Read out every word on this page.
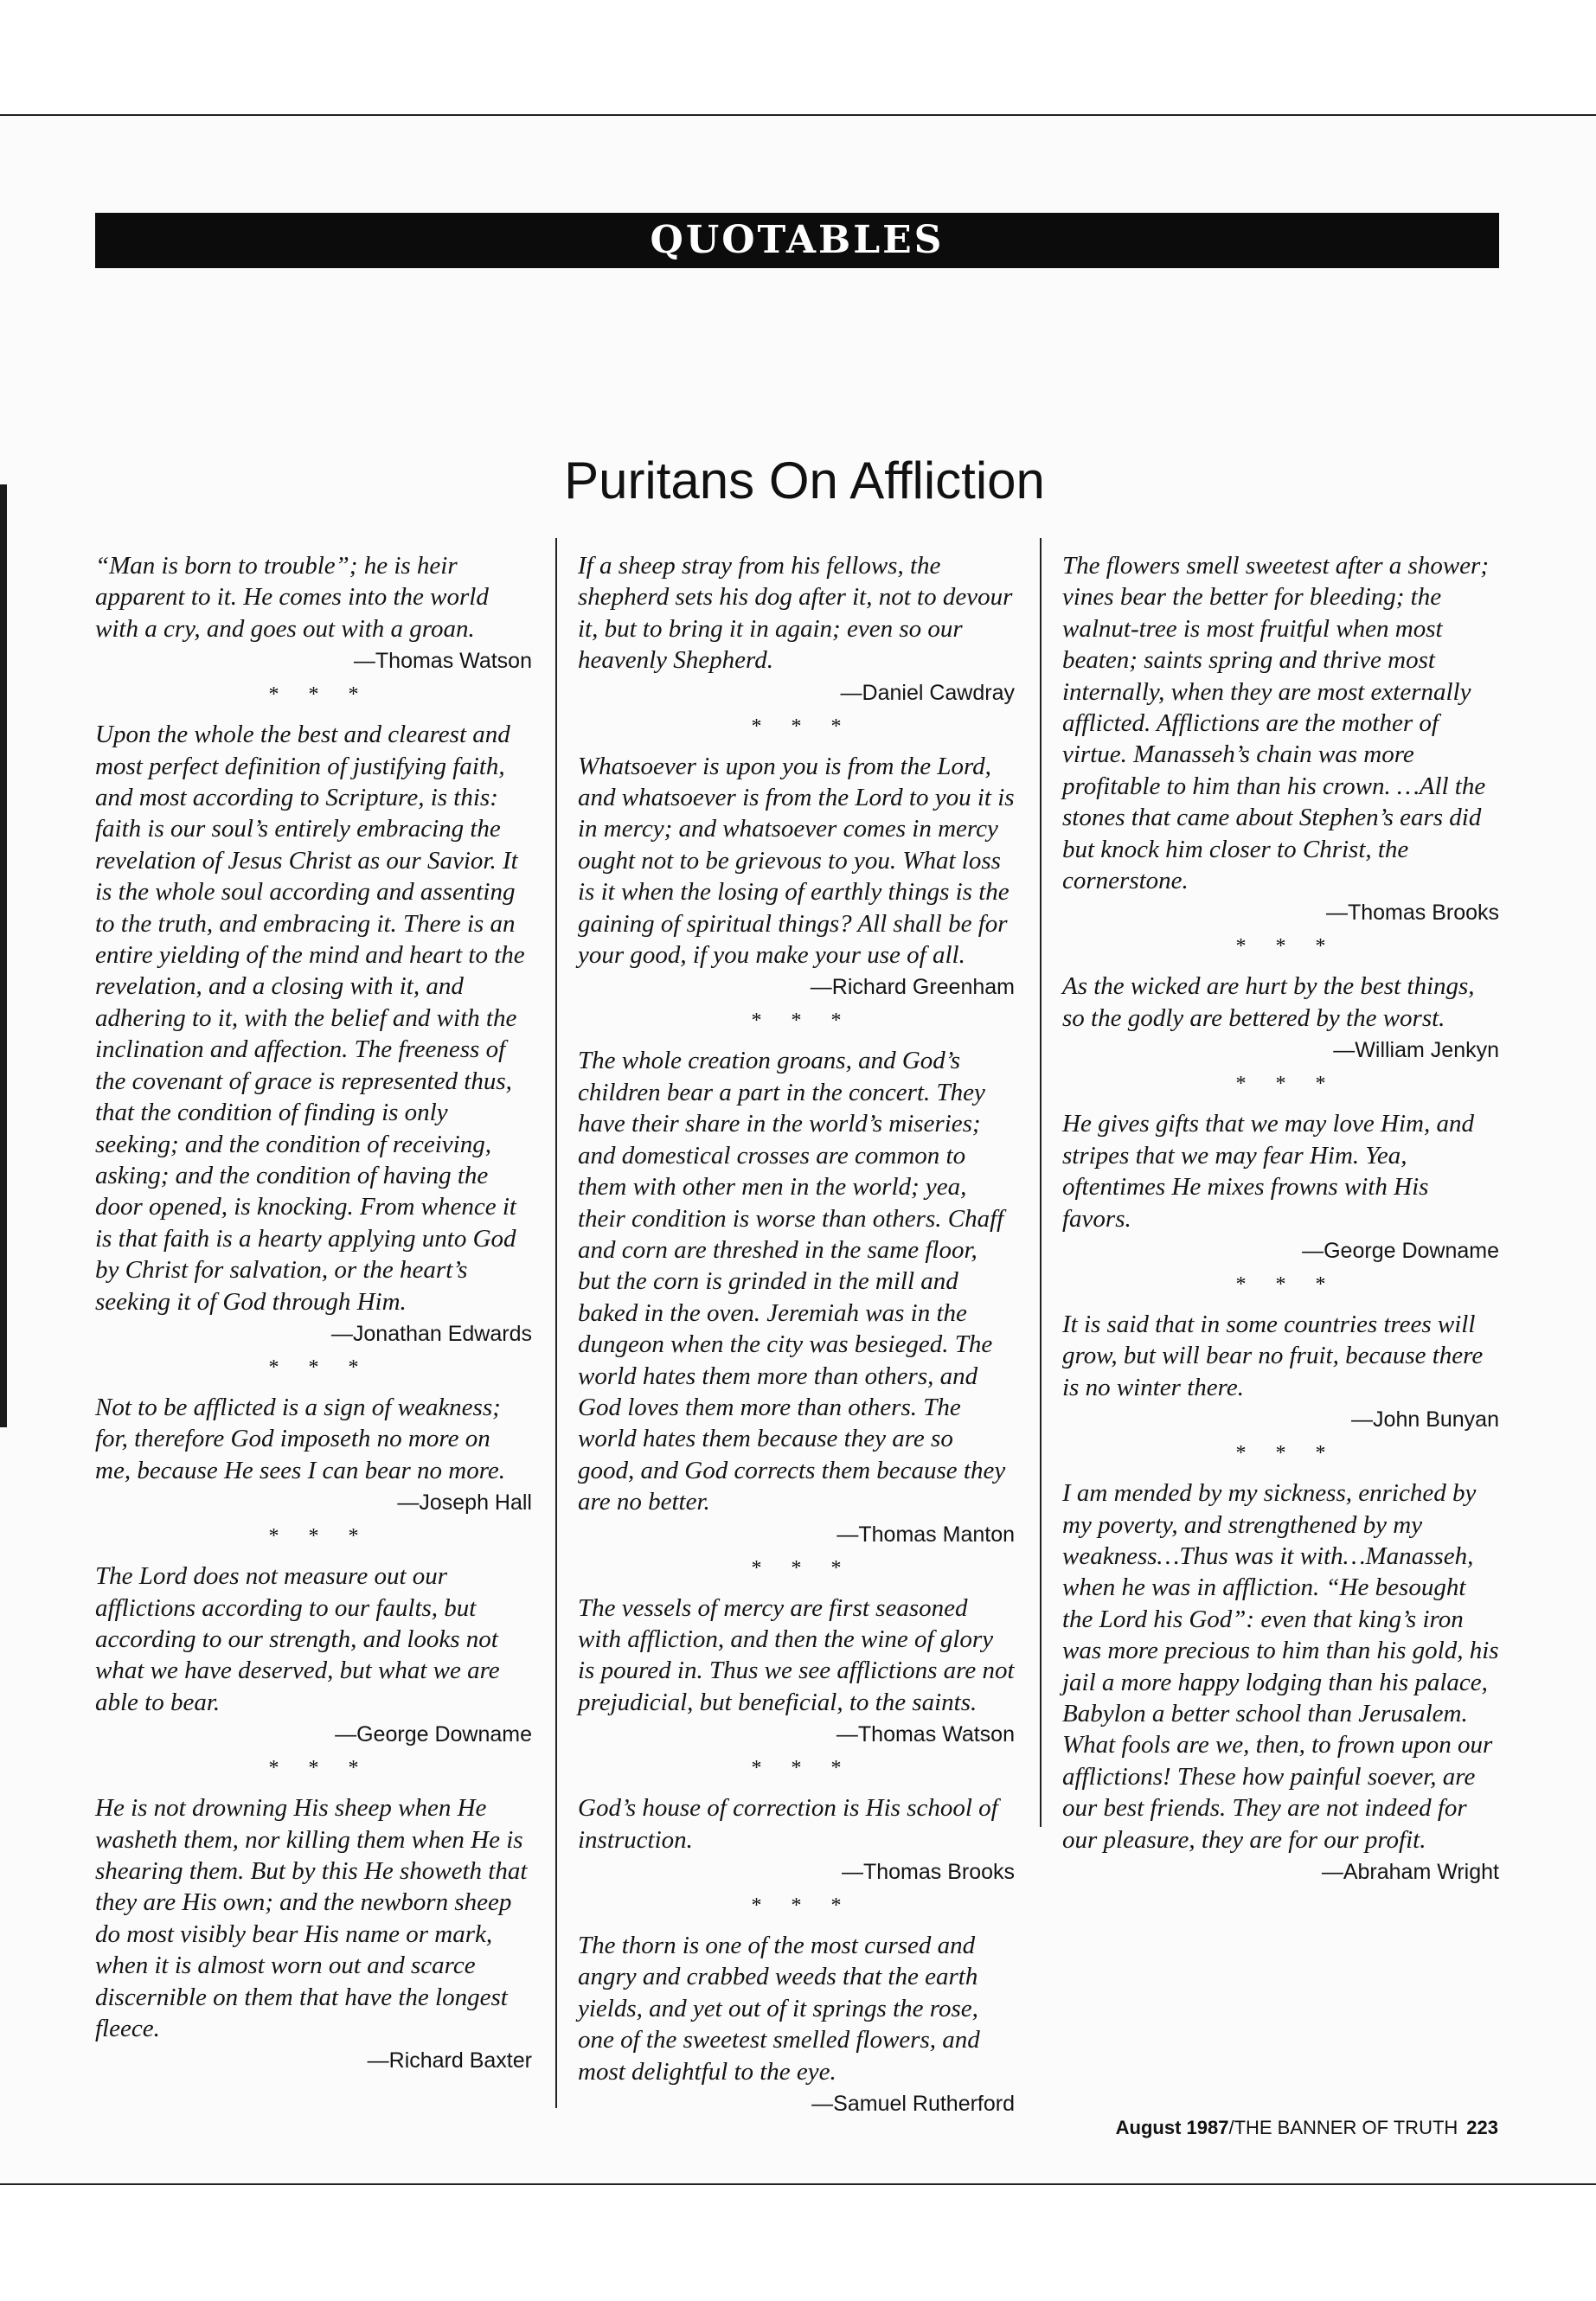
QUOTABLES
Puritans On Affliction

“Man is born to trouble”; he is heir apparent to it. He comes into the world with a cry, and goes out with a groan.

—Thomas Watson

* * *

Upon the whole the best and clearest and most perfect definition of justifying faith, and most according to Scripture, is this: faith is our soul’s entirely embracing the revelation of Jesus Christ as our Savior. It is the whole soul according and assenting to the truth, and embracing it. There is an entire yielding of the mind and heart to the revelation, and a closing with it, and adhering to it, with the belief and with the inclination and affection. The freeness of the covenant of grace is represented thus, that the condition of finding is only seeking; and the condition of receiving, asking; and the condition of having the door opened, is knocking. From whence it is that faith is a hearty applying unto God by Christ for salvation, or the heart’s seeking it of God through Him.

—Jonathan Edwards

* * *

Not to be afflicted is a sign of weakness; for, therefore God imposeth no more on me, because He sees I can bear no more.

—Joseph Hall

* * *

The Lord does not measure out our afflictions according to our faults, but according to our strength, and looks not what we have deserved, but what we are able to bear.

—George Downame

* * *

He is not drowning His sheep when He washeth them, nor killing them when He is shearing them. But by this He showeth that they are His own; and the newborn sheep do most visibly bear His name or mark, when it is almost worn out and scarce discernible on them that have the longest fleece.

—Richard Baxter

If a sheep stray from his fellows, the shepherd sets his dog after it, not to devour it, but to bring it in again; even so our heavenly Shepherd.

—Daniel Cawdray

* * *

Whatsoever is upon you is from the Lord, and whatsoever is from the Lord to you it is in mercy; and whatsoever comes in mercy ought not to be grievous to you. What loss is it when the losing of earthly things is the gaining of spiritual things? All shall be for your good, if you make your use of all.

—Richard Greenham

* * *

The whole creation groans, and God’s children bear a part in the concert. They have their share in the world’s miseries; and domestical crosses are common to them with other men in the world; yea, their condition is worse than others. Chaff and corn are threshed in the same floor, but the corn is grinded in the mill and baked in the oven. Jeremiah was in the dungeon when the city was besieged. The world hates them more than others, and God loves them more than others. The world hates them because they are so good, and God corrects them because they are no better.

—Thomas Manton

* * *

The vessels of mercy are first seasoned with affliction, and then the wine of glory is poured in. Thus we see afflictions are not prejudicial, but beneficial, to the saints.

—Thomas Watson

* * *

God’s house of correction is His school of instruction.

—Thomas Brooks

* * *

The thorn is one of the most cursed and angry and crabbed weeds that the earth yields, and yet out of it springs the rose, one of the sweetest smelled flowers, and most delightful to the eye.

—Samuel Rutherford

The flowers smell sweetest after a shower; vines bear the better for bleeding; the walnut-tree is most fruitful when most beaten; saints spring and thrive most internally, when they are most externally afflicted. Afflictions are the mother of virtue. Manasseh’s chain was more profitable to him than his crown. …All the stones that came about Stephen’s ears did but knock him closer to Christ, the cornerstone.

—Thomas Brooks

* * *

As the wicked are hurt by the best things, so the godly are bettered by the worst.

—William Jenkyn

* * *

He gives gifts that we may love Him, and stripes that we may fear Him. Yea, oftentimes He mixes frowns with His favors.

—George Downame

* * *

It is said that in some countries trees will grow, but will bear no fruit, because there is no winter there.

—John Bunyan

* * *

I am mended by my sickness, enriched by my poverty, and strengthened by my weakness…Thus was it with…Manasseh, when he was in affliction. “He besought the Lord his God”: even that king’s iron was more precious to him than his gold, his jail a more happy lodging than his palace, Babylon a better school than Jerusalem. What fools are we, then, to frown upon our afflictions! These how painful soever, are our best friends. They are not indeed for our pleasure, they are for our profit.

—Abraham Wright

August 1987/THE BANNER OF TRUTH 223
